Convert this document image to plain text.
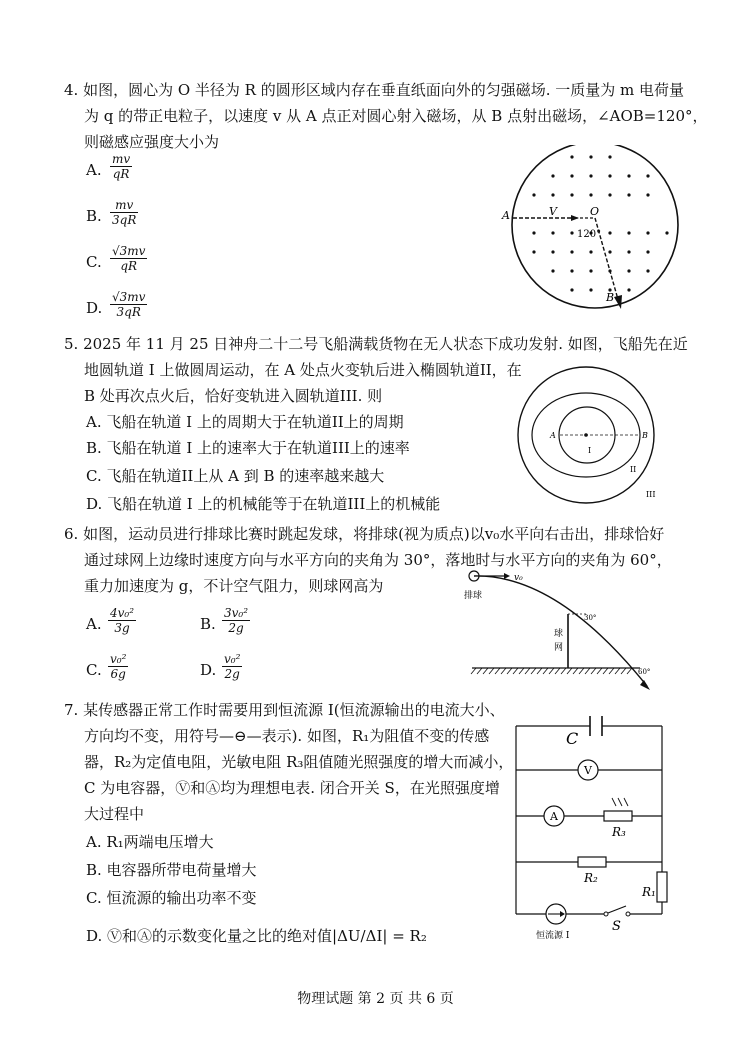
4. 如图，圆心为 O 半径为 R 的圆形区域内存在垂直纸面向外的匀强磁场. 一质量为 m 电荷量
为 q 的带正电粒子，以速度 v 从 A 点正对圆心射入磁场，从 B 点射出磁场，∠AOB=120°，
则磁感应强度大小为
A. $\frac{mv}{qR}$
B. $\frac{mv}{3qR}$
C. $\frac{√3mv}{qR}$
D. $\frac{√3mv}{3qR}$
A	V	O
120°
B
5. 2025 年 11 月 25 日神舟二十二号飞船满载货物在无人状态下成功发射. 如图，飞船先在近
地圆轨道 I 上做圆周运动，在 A 处点火变轨后进入椭圆轨道II，在
B 处再次点火后，恰好变轨进入圆轨道III. 则
A. 飞船在轨道 I 上的周期大于在轨道II上的周期
B. 飞船在轨道 I 上的速率大于在轨道III上的速率
C. 飞船在轨道II上从 A 到 B 的速率越来越大
D. 飞船在轨道 I 上的机械能等于在轨道III上的机械能
A	B
I
II
III
6. 如图，运动员进行排球比赛时跳起发球，将排球(视为质点)以v₀水平向右击出，排球恰好
通过球网上边缘时速度方向与水平方向的夹角为 30°，落地时与水平方向的夹角为 60°，
重力加速度为 g，不计空气阻力，则球网高为
A. $\frac{\text{4v₀²}}{3g}$	B. $\frac{\text{3v₀²}}{2g}$
C. $\frac{\text{v₀²}}{6g}$	D. $\frac{\text{v₀²}}{2g}$
排球
v₀
球
网
30°
60°
7. 某传感器正常工作时需要用到恒流源 I(恒流源输出的电流大小、
方向均不变，用符号—⊖—表示). 如图，R₁为阻值不变的传感
器，R₂为定值电阻，光敏电阻 R₃阻值随光照强度的增大而减小，
C 为电容器，Ⓥ和Ⓐ均为理想电表. 闭合开关 S，在光照强度增
大过程中
A. R₁两端电压增大
B. 电容器所带电荷量增大
C. 恒流源的输出功率不变
D. Ⓥ和Ⓐ的示数变化量之比的绝对值|ΔU/ΔI| = R₂
C
V
A
R₃
R₂
R₁
S
恒流源 I
物理试题 第 2 页 共 6 页
